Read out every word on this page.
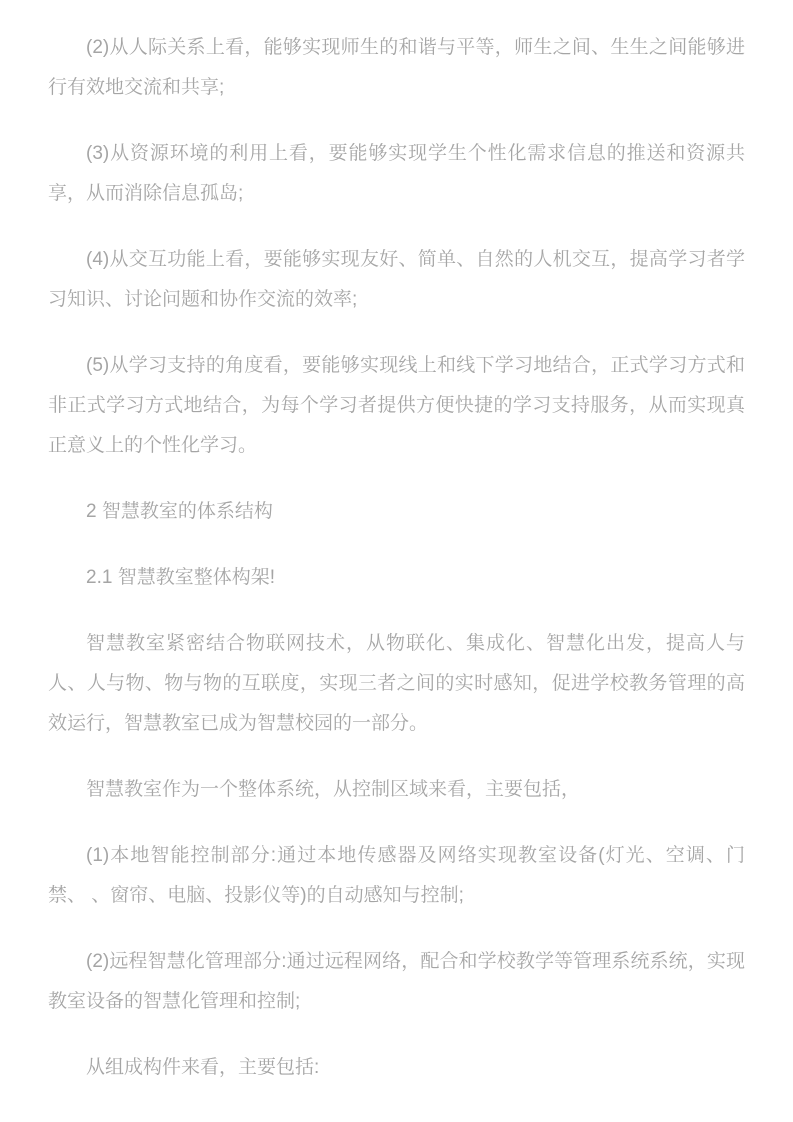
(2)从人际关系上看，能够实现师生的和谐与平等，师生之间、生生之间能够进行有效地交流和共享;

(3)从资源环境的利用上看，要能够实现学生个性化需求信息的推送和资源共享，从而消除信息孤岛;

(4)从交互功能上看，要能够实现友好、简单、自然的人机交互，提高学习者学习知识、讨论问题和协作交流的效率;

(5)从学习支持的角度看，要能够实现线上和线下学习地结合，正式学习方式和非正式学习方式地结合，为每个学习者提供方便快捷的学习支持服务，从而实现真正意义上的个性化学习。

2 智慧教室的体系结构

2.1 智慧教室整体构架!

智慧教室紧密结合物联网技术，从物联化、集成化、智慧化出发，提高人与人、人与物、物与物的互联度，实现三者之间的实时感知，促进学校教务管理的高效运行，智慧教室已成为智慧校园的一部分。

智慧教室作为一个整体系统，从控制区域来看，主要包括，

(1)本地智能控制部分:通过本地传感器及网络实现教室设备(灯光、空调、门禁、 、窗帘、电脑、投影仪等)的自动感知与控制;

(2)远程智慧化管理部分:通过远程网络，配合和学校教学等管理系统系统，实现教室设备的智慧化管理和控制;

从组成构件来看，主要包括:
